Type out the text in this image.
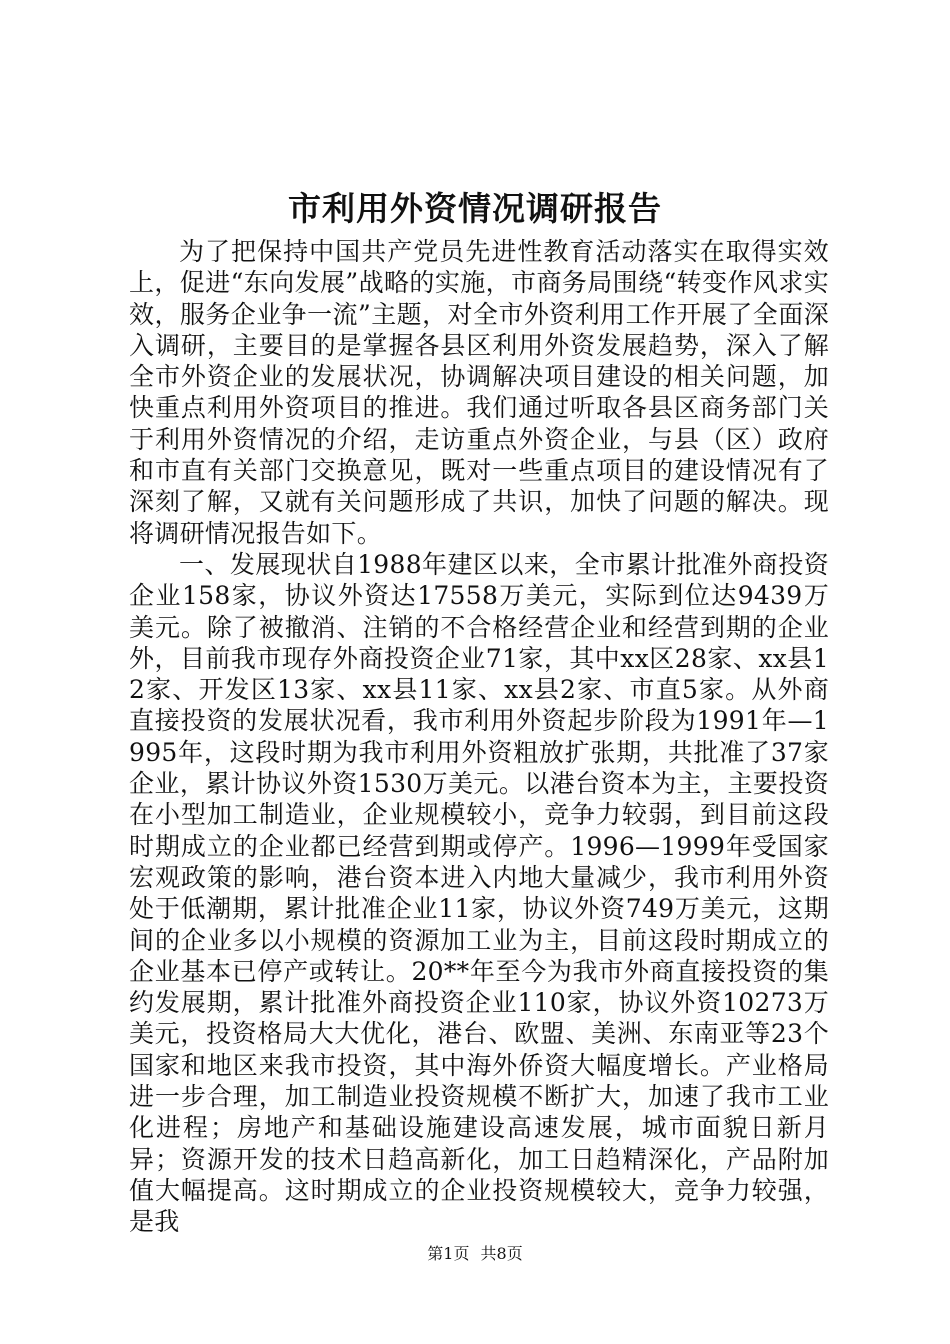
市利用外资情况调研报告

为了把保持中国共产党员先进性教育活动落实在取得实效上，促进“东向发展”战略的实施，市商务局围绕“转变作风求实效，服务企业争一流”主题，对全市外资利用工作开展了全面深入调研，主要目的是掌握各县区利用外资发展趋势，深入了解全市外资企业的发展状况，协调解决项目建设的相关问题，加快重点利用外资项目的推进。我们通过听取各县区商务部门关于利用外资情况的介绍，走访重点外资企业，与县（区）政府和市直有关部门交换意见，既对一些重点项目的建设情况有了深刻了解，又就有关问题形成了共识，加快了问题的解决。现将调研情况报告如下。

一、发展现状自1988年建区以来，全市累计批准外商投资企业158家，协议外资达17558万美元，实际到位达9439万美元。除了被撤消、注销的不合格经营企业和经营到期的企业外，目前我市现存外商投资企业71家，其中xx区28家、xx县12家、开发区13家、xx县11家、xx县2家、市直5家。从外商直接投资的发展状况看，我市利用外资起步阶段为1991年—1995年，这段时期为我市利用外资粗放扩张期，共批准了37家企业，累计协议外资1530万美元。以港台资本为主，主要投资在小型加工制造业，企业规模较小，竞争力较弱，到目前这段时期成立的企业都已经营到期或停产。1996—1999年受国家宏观政策的影响，港台资本进入内地大量减少，我市利用外资处于低潮期，累计批准企业11家，协议外资749万美元，这期间的企业多以小规模的资源加工业为主，目前这段时期成立的企业基本已停产或转让。20**年至今为我市外商直接投资的集约发展期，累计批准外商投资企业110家，协议外资10273万美元，投资格局大大优化，港台、欧盟、美洲、东南亚等23个国家和地区来我市投资，其中海外侨资大幅度增长。产业格局进一步合理，加工制造业投资规模不断扩大，加速了我市工业化进程；房地产和基础设施建设高速发展，城市面貌日新月异；资源开发的技术日趋高新化，加工日趋精深化，产品附加值大幅提高。这时期成立的企业投资规模较大，竞争力较强，是我

第1页 共8页
